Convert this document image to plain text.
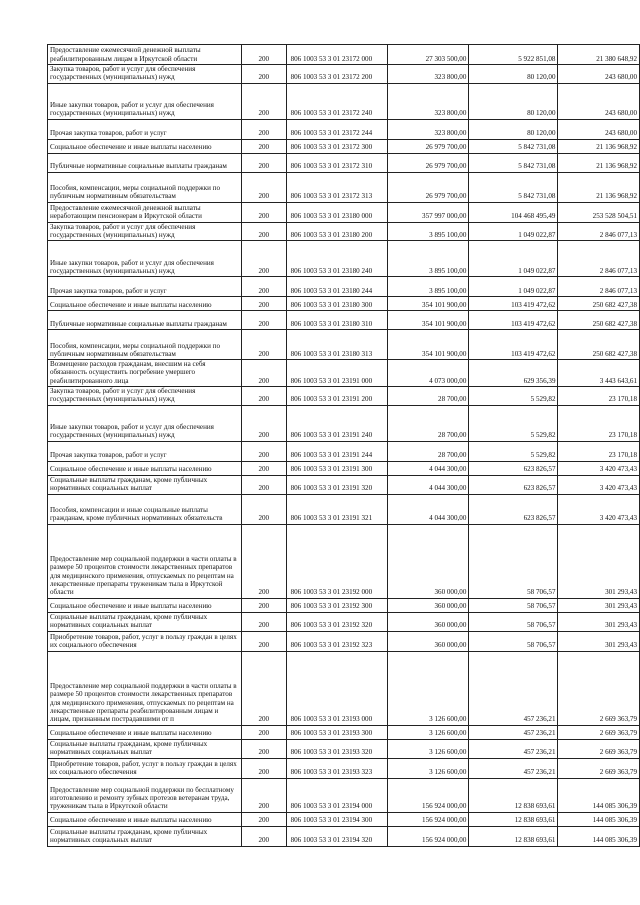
Предоставление ежемесячной денежной выплаты реабилитированным лицам в Иркутской области	200	806 1003 53 3 01 23172 000	27 303 500,00	5 922 851,08	21 380 648,92
Закупка товаров, работ и услуг для обеспечения государственных (муниципальных) нужд	200	806 1003 53 3 01 23172 200	323 800,00	80 120,00	243 680,00
Иные закупки товаров, работ и услуг для обеспечения государственных (муниципальных) нужд	200	806 1003 53 3 01 23172 240	323 800,00	80 120,00	243 680,00
Прочая закупка товаров, работ и услуг	200	806 1003 53 3 01 23172 244	323 800,00	80 120,00	243 680,00
Социальное обеспечение и иные выплаты населению	200	806 1003 53 3 01 23172 300	26 979 700,00	5 842 731,08	21 136 968,92
Публичные нормативные социальные выплаты гражданам	200	806 1003 53 3 01 23172 310	26 979 700,00	5 842 731,08	21 136 968,92
Пособия, компенсации, меры социальной поддержки по публичным нормативным обязательствам	200	806 1003 53 3 01 23172 313	26 979 700,00	5 842 731,08	21 136 968,92
Предоставление ежемесячной денежной выплаты неработающим пенсионерам в Иркутской области	200	806 1003 53 3 01 23180 000	357 997 000,00	104 468 495,49	253 528 504,51
Закупка товаров, работ и услуг для обеспечения государственных (муниципальных) нужд	200	806 1003 53 3 01 23180 200	3 895 100,00	1 049 022,87	2 846 077,13
Иные закупки товаров, работ и услуг для обеспечения государственных (муниципальных) нужд	200	806 1003 53 3 01 23180 240	3 895 100,00	1 049 022,87	2 846 077,13
Прочая закупка товаров, работ и услуг	200	806 1003 53 3 01 23180 244	3 895 100,00	1 049 022,87	2 846 077,13
Социальное обеспечение и иные выплаты населению	200	806 1003 53 3 01 23180 300	354 101 900,00	103 419 472,62	250 682 427,38
Публичные нормативные социальные выплаты гражданам	200	806 1003 53 3 01 23180 310	354 101 900,00	103 419 472,62	250 682 427,38
Пособия, компенсации, меры социальной поддержки по публичным нормативным обязательствам	200	806 1003 53 3 01 23180 313	354 101 900,00	103 419 472,62	250 682 427,38
Возмещение расходов гражданам, внесшим на себя обязанность осуществить погребение умершего реабилитированного лица	200	806 1003 53 3 01 23191 000	4 073 000,00	629 356,39	3 443 643,61
Закупка товаров, работ и услуг для обеспечения государственных (муниципальных) нужд	200	806 1003 53 3 01 23191 200	28 700,00	5 529,82	23 170,18
Иные закупки товаров, работ и услуг для обеспечения государственных (муниципальных) нужд	200	806 1003 53 3 01 23191 240	28 700,00	5 529,82	23 170,18
Прочая закупка товаров, работ и услуг	200	806 1003 53 3 01 23191 244	28 700,00	5 529,82	23 170,18
Социальное обеспечение и иные выплаты населению	200	806 1003 53 3 01 23191 300	4 044 300,00	623 826,57	3 420 473,43
Социальные выплаты гражданам, кроме публичных нормативных социальных выплат	200	806 1003 53 3 01 23191 320	4 044 300,00	623 826,57	3 420 473,43
Пособия, компенсации и иные социальные выплаты гражданам, кроме публичных нормативных обязательств	200	806 1003 53 3 01 23191 321	4 044 300,00	623 826,57	3 420 473,43
Предоставление мер социальной поддержки в части оплаты в размере 50 процентов стоимости лекарственных препаратов для медицинского применения, отпускаемых по рецептам на лекарственные препараты труженикам тыла в Иркутской области	200	806 1003 53 3 01 23192 000	360 000,00	58 706,57	301 293,43
Социальное обеспечение и иные выплаты населению	200	806 1003 53 3 01 23192 300	360 000,00	58 706,57	301 293,43
Социальные выплаты гражданам, кроме публичных нормативных социальных выплат	200	806 1003 53 3 01 23192 320	360 000,00	58 706,57	301 293,43
Приобретение товаров, работ, услуг в пользу граждан в целях их социального обеспечения	200	806 1003 53 3 01 23192 323	360 000,00	58 706,57	301 293,43
Предоставление мер социальной поддержки в части оплаты в размере 50 процентов стоимости лекарственных препаратов для медицинского применения, отпускаемых по рецептам на лекарственные препараты реабилитированным лицам и лицам, признанным пострадавшими от п	200	806 1003 53 3 01 23193 000	3 126 600,00	457 236,21	2 669 363,79
Социальное обеспечение и иные выплаты населению	200	806 1003 53 3 01 23193 300	3 126 600,00	457 236,21	2 669 363,79
Социальные выплаты гражданам, кроме публичных нормативных социальных выплат	200	806 1003 53 3 01 23193 320	3 126 600,00	457 236,21	2 669 363,79
Приобретение товаров, работ, услуг в пользу граждан в целях их социального обеспечения	200	806 1003 53 3 01 23193 323	3 126 600,00	457 236,21	2 669 363,79
Предоставление мер социальной поддержки по бесплатному изготовлению и ремонту зубных протезов ветеранам труда, труженикам тыла в Иркутской области	200	806 1003 53 3 01 23194 000	156 924 000,00	12 838 693,61	144 085 306,39
Социальное обеспечение и иные выплаты населению	200	806 1003 53 3 01 23194 300	156 924 000,00	12 838 693,61	144 085 306,39
Социальные выплаты гражданам, кроме публичных нормативных социальных выплат	200	806 1003 53 3 01 23194 320	156 924 000,00	12 838 693,61	144 085 306,39
